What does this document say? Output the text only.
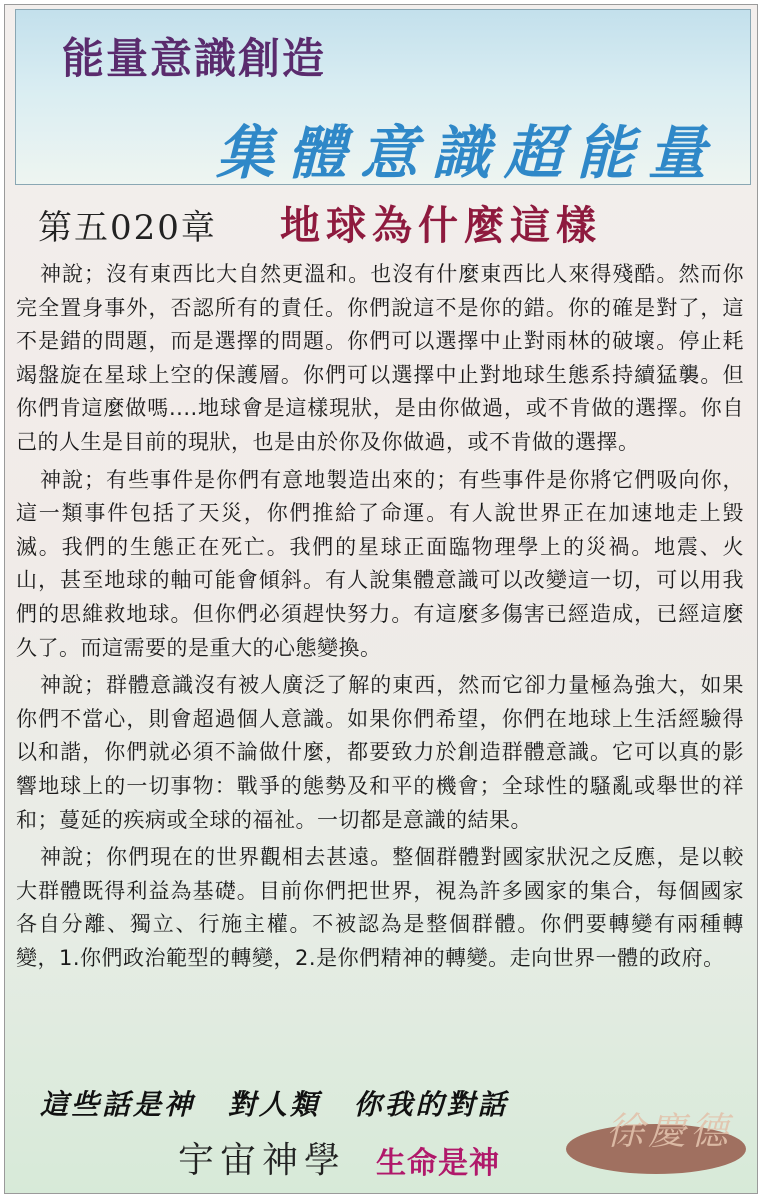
能量意識創造
集體意識超能量
第五020章 地球為什麼這樣

神說；沒有東西比大自然更溫和。也沒有什麼東西比人來得殘酷。然而你完全置身事外，否認所有的責任。你們說這不是你的錯。你的確是對了，這不是錯的問題，而是選擇的問題。你們可以選擇中止對雨林的破壞。停止耗竭盤旋在星球上空的保護層。你們可以選擇中止對地球生態系持續猛襲。但你們肯這麼做嗎....地球會是這樣現狀，是由你做過，或不肯做的選擇。你自己的人生是目前的現狀，也是由於你及你做過，或不肯做的選擇。

神說；有些事件是你們有意地製造出來的；有些事件是你將它們吸向你，這一類事件包括了天災，你們推給了命運。有人說世界正在加速地走上毀滅。我們的生態正在死亡。我們的星球正面臨物理學上的災禍。地震、火山，甚至地球的軸可能會傾斜。有人說集體意識可以改變這一切，可以用我們的思維救地球。但你們必須趕快努力。有這麼多傷害已經造成，已經這麼久了。而這需要的是重大的心態變換。

神說；群體意識沒有被人廣泛了解的東西，然而它卻力量極為強大，如果你們不當心，則會超過個人意識。如果你們希望，你們在地球上生活經驗得以和諧，你們就必須不論做什麼，都要致力於創造群體意識。它可以真的影響地球上的一切事物：戰爭的態勢及和平的機會；全球性的騷亂或舉世的祥和；蔓延的疾病或全球的福祉。一切都是意識的結果。

神說；你們現在的世界觀相去甚遠。整個群體對國家狀況之反應，是以較大群體既得利益為基礎。目前你們把世界，視為許多國家的集合，每個國家各自分離、獨立、行施主權。不被認為是整個群體。你們要轉變有兩種轉變，1.你們政治範型的轉變，2.是你們精神的轉變。走向世界一體的政府。

這些話是神 對人類 你我的對話
宇宙神學 生命是神
徐慶德
